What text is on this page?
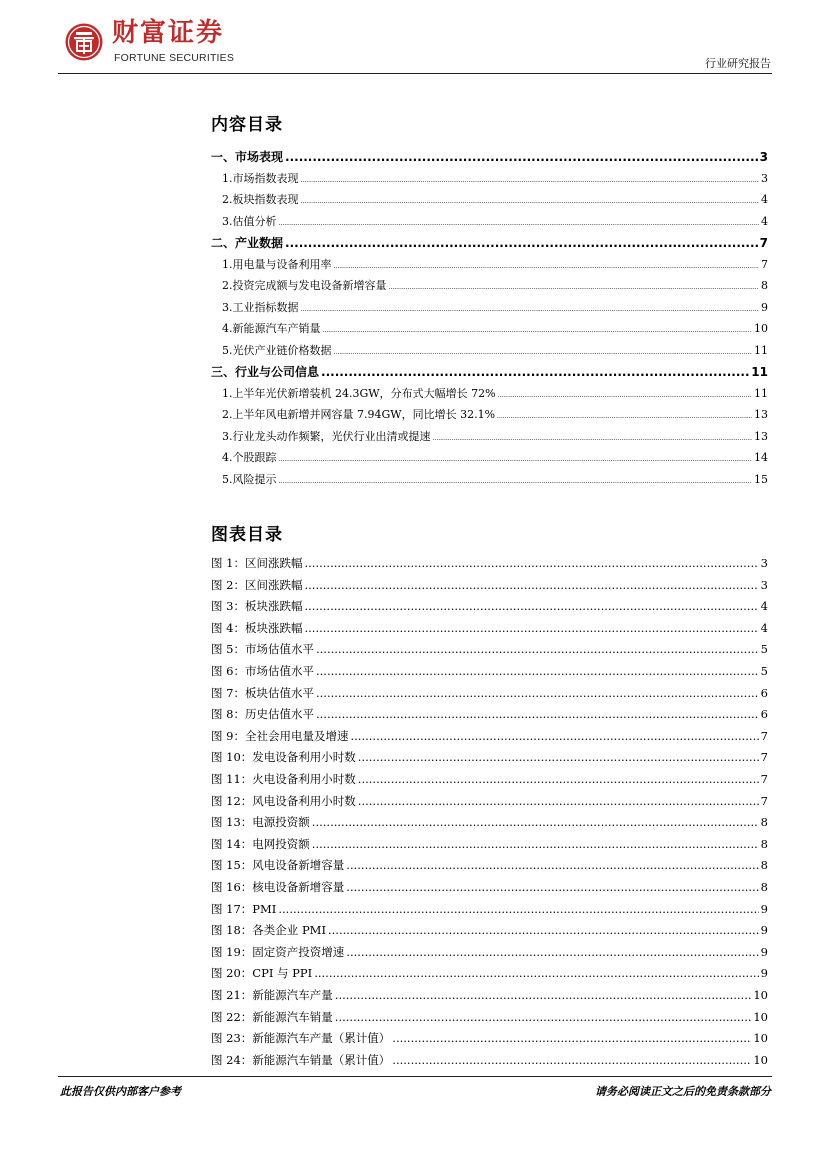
财富证券
FORTUNE SECURITIES	行业研究报告
内容目录
一、市场表现 .....	3
1.市场指数表现 .....	3
2.板块指数表现 .....	4
3.估值分析 .....	4
二、产业数据 .....	7
1.用电量与设备利用率 .....	7
2.投资完成额与发电设备新增容量 .....	8
3.工业指标数据 .....	9
4.新能源汽车产销量 .....	10
5.光伏产业链价格数据 .....	11
三、行业与公司信息 .....	11
1.上半年光伏新增装机 24.3GW，分布式大幅增长 72% .....	11
2.上半年风电新增并网容量 7.94GW，同比增长 32.1% .....	13
3.行业龙头动作频繁，光伏行业出清或提速 .....	13
4.个股跟踪 .....	14
5.风险提示 .....	15
图表目录
图 1：区间涨跌幅 .....	3
图 2：区间涨跌幅 .....	3
图 3：板块涨跌幅 .....	4
图 4：板块涨跌幅 .....	4
图 5：市场估值水平 .....	5
图 6：市场估值水平 .....	5
图 7：板块估值水平 .....	6
图 8：历史估值水平 .....	6
图 9：全社会用电量及增速 .....	7
图 10：发电设备利用小时数 .....	7
图 11：火电设备利用小时数 .....	7
图 12：风电设备利用小时数 .....	7
图 13：电源投资额 .....	8
图 14：电网投资额 .....	8
图 15：风电设备新增容量 .....	8
图 16：核电设备新增容量 .....	8
图 17：PMI .....	9
图 18：各类企业 PMI .....	9
图 19：固定资产投资增速 .....	9
图 20：CPI 与 PPI .....	9
图 21：新能源汽车产量 .....	10
图 22：新能源汽车销量 .....	10
图 23：新能源汽车产量（累计值） .....	10
图 24：新能源汽车销量（累计值） .....	10
此报告仅供内部客户参考	请务必阅读正文之后的免责条款部分
